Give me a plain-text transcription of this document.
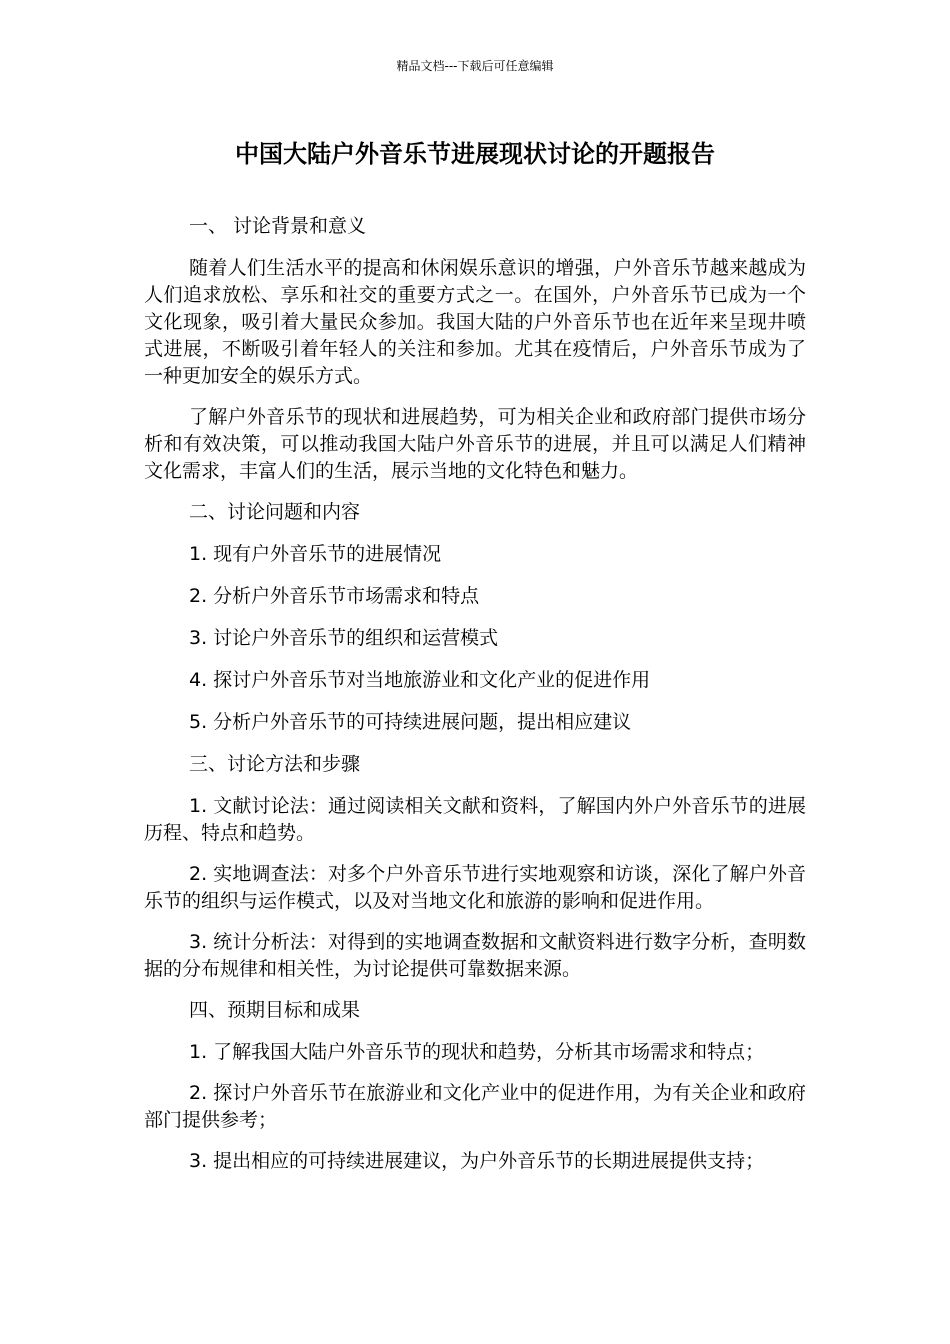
精品文档---下载后可任意编辑
中国大陆户外音乐节进展现状讨论的开题报告

一、 讨论背景和意义

随着人们生活水平的提高和休闲娱乐意识的增强，户外音乐节越来越成为人们追求放松、享乐和社交的重要方式之一。在国外，户外音乐节已成为一个文化现象，吸引着大量民众参加。我国大陆的户外音乐节也在近年来呈现井喷式进展，不断吸引着年轻人的关注和参加。尤其在疫情后，户外音乐节成为了一种更加安全的娱乐方式。

了解户外音乐节的现状和进展趋势，可为相关企业和政府部门提供市场分析和有效决策，可以推动我国大陆户外音乐节的进展，并且可以满足人们精神文化需求，丰富人们的生活，展示当地的文化特色和魅力。

二、讨论问题和内容

1. 现有户外音乐节的进展情况

2. 分析户外音乐节市场需求和特点

3. 讨论户外音乐节的组织和运营模式

4. 探讨户外音乐节对当地旅游业和文化产业的促进作用

5. 分析户外音乐节的可持续进展问题，提出相应建议

三、讨论方法和步骤

1. 文献讨论法：通过阅读相关文献和资料，了解国内外户外音乐节的进展历程、特点和趋势。

2. 实地调查法：对多个户外音乐节进行实地观察和访谈，深化了解户外音乐节的组织与运作模式，以及对当地文化和旅游的影响和促进作用。

3. 统计分析法：对得到的实地调查数据和文献资料进行数字分析，查明数据的分布规律和相关性，为讨论提供可靠数据来源。

四、预期目标和成果

1. 了解我国大陆户外音乐节的现状和趋势，分析其市场需求和特点；

2. 探讨户外音乐节在旅游业和文化产业中的促进作用，为有关企业和政府部门提供参考；

3. 提出相应的可持续进展建议，为户外音乐节的长期进展提供支持；
